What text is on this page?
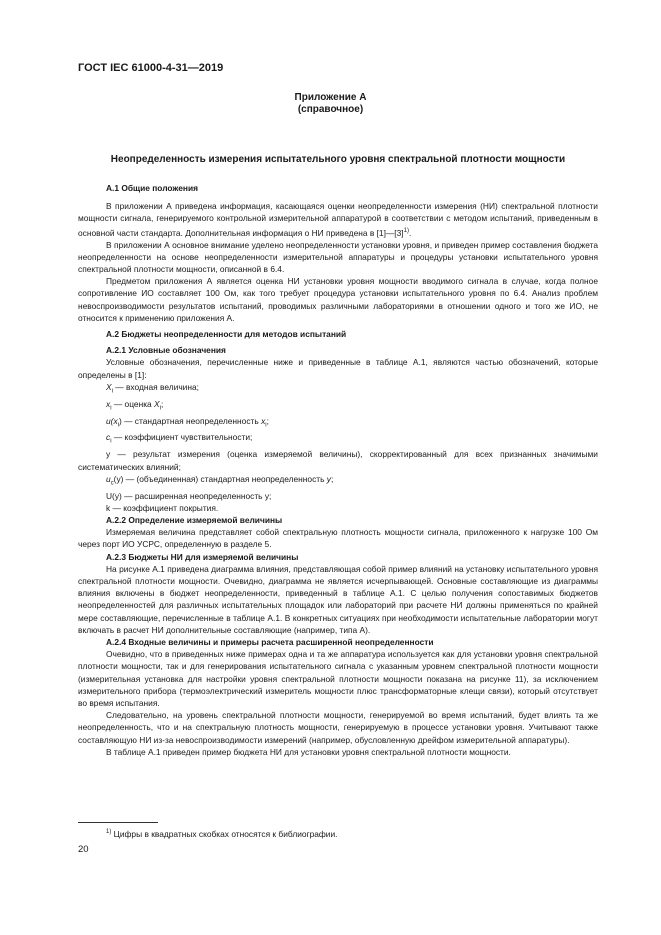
ГОСТ IEC 61000-4-31—2019
Приложение А
(справочное)
Неопределенность измерения испытательного уровня спектральной плотности мощности

А.1 Общие положения

В приложении А приведена информация, касающаяся оценки неопределенности измерения (НИ) спектральной плотности мощности сигнала, генерируемого контрольной измерительной аппаратурой в соответствии с методом испытаний, приведенным в основной части стандарта. Дополнительная информация о НИ приведена в $[1]—[3]^{1)}$.

В приложении А основное внимание уделено неопределенности установки уровня, и приведен пример составления бюджета неопределенности на основе неопределенности измерительной аппаратуры и процедуры установки испытательного уровня спектральной плотности мощности, описанной в 6.4.

Предметом приложения А является оценка НИ установки уровня мощности вводимого сигнала в случае, когда полное сопротивление ИО составляет 100 Ом, как того требует процедура установки испытательного уровня по 6.4. Анализ проблем невоспроизводимости результатов испытаний, проводимых различными лабораториями в отношении одного и того же ИО, не относится к применению приложения А.

А.2 Бюджеты неопределенности для методов испытаний

А.2.1 Условные обозначения

Условные обозначения, перечисленные ниже и приведенные в таблице А.1, являются частью обозначений, которые определены в [1]:

$X_i$ — входная величина;

$x_i$ — оценка $X_i$;

$u(x_i)$ — стандартная неопределенность $x_i$;

$c_i$ — коэффициент чувствительности;

y — результат измерения (оценка измеряемой величины), скорректированный для всех признанных значимыми систематических влияний;

$u_c(y)$ — (объединенная) стандартная неопределенность y;

U(y) — расширенная неопределенность y;

k — коэффициент покрытия.

А.2.2 Определение измеряемой величины

Измеряемая величина представляет собой спектральную плотность мощности сигнала, приложенного к нагрузке 100 Ом через порт ИО УСРС, определенную в разделе 5.

А.2.3 Бюджеты НИ для измеряемой величины

На рисунке А.1 приведена диаграмма влияния, представляющая собой пример влияний на установку испытательного уровня спектральной плотности мощности. Очевидно, диаграмма не является исчерпывающей. Основные составляющие из диаграммы влияния включены в бюджет неопределенности, приведенный в таблице А.1. С целью получения сопоставимых бюджетов неопределенностей для различных испытательных площадок или лабораторий при расчете НИ должны применяться по крайней мере составляющие, перечисленные в таблице А.1. В конкретных ситуациях при необходимости испытательные лаборатории могут включать в расчет НИ дополнительные составляющие (например, типа А).

А.2.4 Входные величины и примеры расчета расширенной неопределенности

Очевидно, что в приведенных ниже примерах одна и та же аппаратура используется как для установки уровня спектральной плотности мощности, так и для генерирования испытательного сигнала с указанным уровнем спектральной плотности мощности (измерительная установка для настройки уровня спектральной плотности мощности показана на рисунке 11), за исключением измерительного прибора (термоэлектрический измеритель мощности плюс трансформаторные клещи связи), который отсутствует во время испытания.

Следовательно, на уровень спектральной плотности мощности, генерируемой во время испытаний, будет влиять та же неопределенность, что и на спектральную плотность мощности, генерируемую в процессе установки уровня. Учитывают также составляющую НИ из-за невоспроизводимости измерений (например, обусловленную дрейфом измерительной аппаратуры).

В таблице А.1 приведен пример бюджета НИ для установки уровня спектральной плотности мощности.

$^{1)}$ Цифры в квадратных скобках относятся к библиографии.
20
